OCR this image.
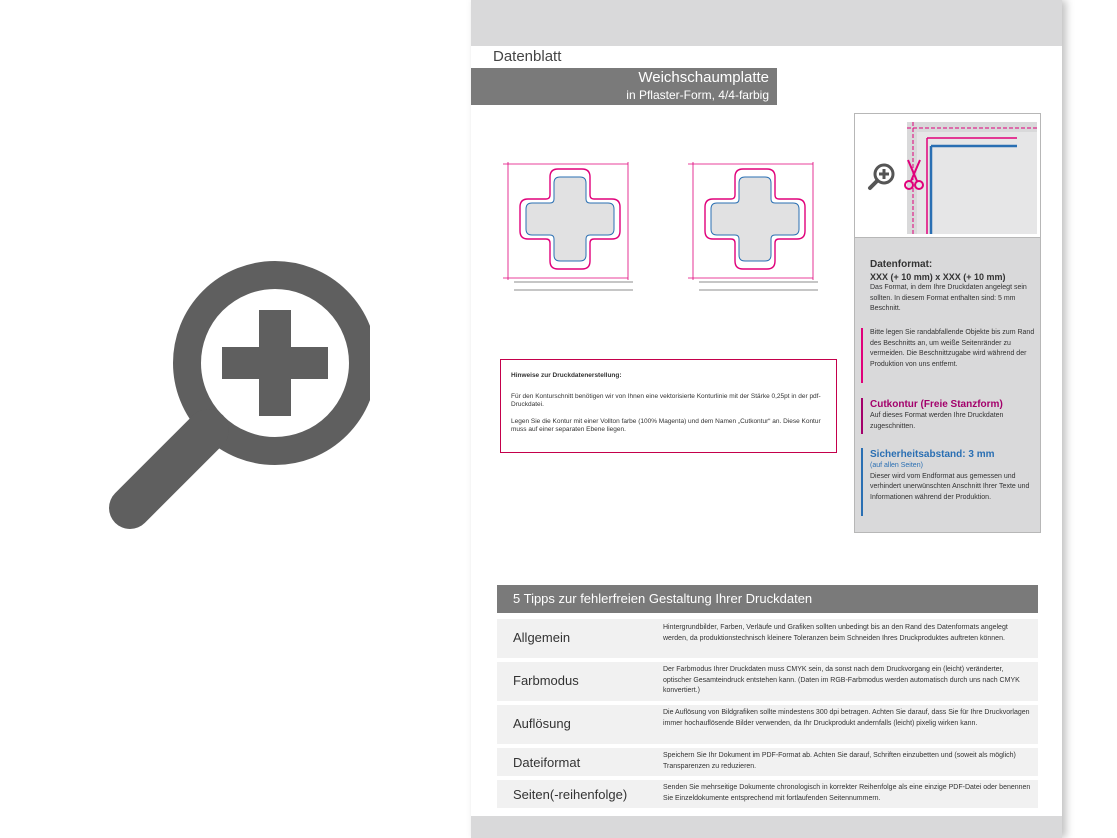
Datenblatt
Weichschaumplatte
in Pflaster-Form, 4/4-farbig
Hinweise zur Druckdatenerstellung:

Für den Konturschnitt benötigen wir von Ihnen eine vektorisierte Konturlinie mit der Stärke 0,25pt in der pdf-Druckdatei.

Legen Sie die Kontur mit einer Vollton farbe (100% Magenta) und dem Namen „Cutkontur“ an. Diese Kontur muss auf einer separaten Ebene liegen.

Datenformat:
XXX (+ 10 mm) x XXX (+ 10 mm)
Das Format, in dem Ihre Druckdaten angelegt sein sollten. In diesem Format enthalten sind: 5 mm Beschnitt.
Bitte legen Sie randabfallende Objekte bis zum Rand des Beschnitts an, um weiße Seitenränder zu vermeiden. Die Beschnittzugabe wird während der Produktion von uns entfernt.
Cutkontur (Freie Stanzform)
Auf dieses Format werden Ihre Druckdaten zugeschnitten.
Sicherheitsabstand: 3 mm
(auf allen Seiten)
Dieser wird vom Endformat aus gemessen und verhindert unerwünschten Anschnitt Ihrer Texte und Informationen während der Produktion.
5 Tipps zur fehlerfreien Gestaltung Ihrer Druckdaten
Allgemein
Hintergrundbilder, Farben, Verläufe und Grafiken sollten unbedingt bis an den Rand des Datenformats angelegt werden, da produktionstechnisch kleinere Toleranzen beim Schneiden Ihres Druckproduktes auftreten können.
Farbmodus
Der Farbmodus Ihrer Druckdaten muss CMYK sein, da sonst nach dem Druckvorgang ein (leicht) veränderter, optischer Gesamteindruck entstehen kann. (Daten im RGB-Farbmodus werden automatisch durch uns nach CMYK konvertiert.)
Auflösung
Die Auflösung von Bildgrafiken sollte mindestens 300 dpi betragen. Achten Sie darauf, dass Sie für Ihre Druckvorlagen immer hochauflösende Bilder verwenden, da Ihr Druckprodukt andernfalls (leicht) pixelig wirken kann.
Dateiformat	Speichern Sie Ihr Dokument im PDF-Format ab. Achten Sie darauf, Schriften einzubetten und (soweit als möglich) Transparenzen zu reduzieren.
Seiten(-reihenfolge)	Senden Sie mehrseitige Dokumente chronologisch in korrekter Reihenfolge als eine einzige PDF-Datei oder benennen Sie Einzeldokumente entsprechend mit fortlaufenden Seitennummern.
